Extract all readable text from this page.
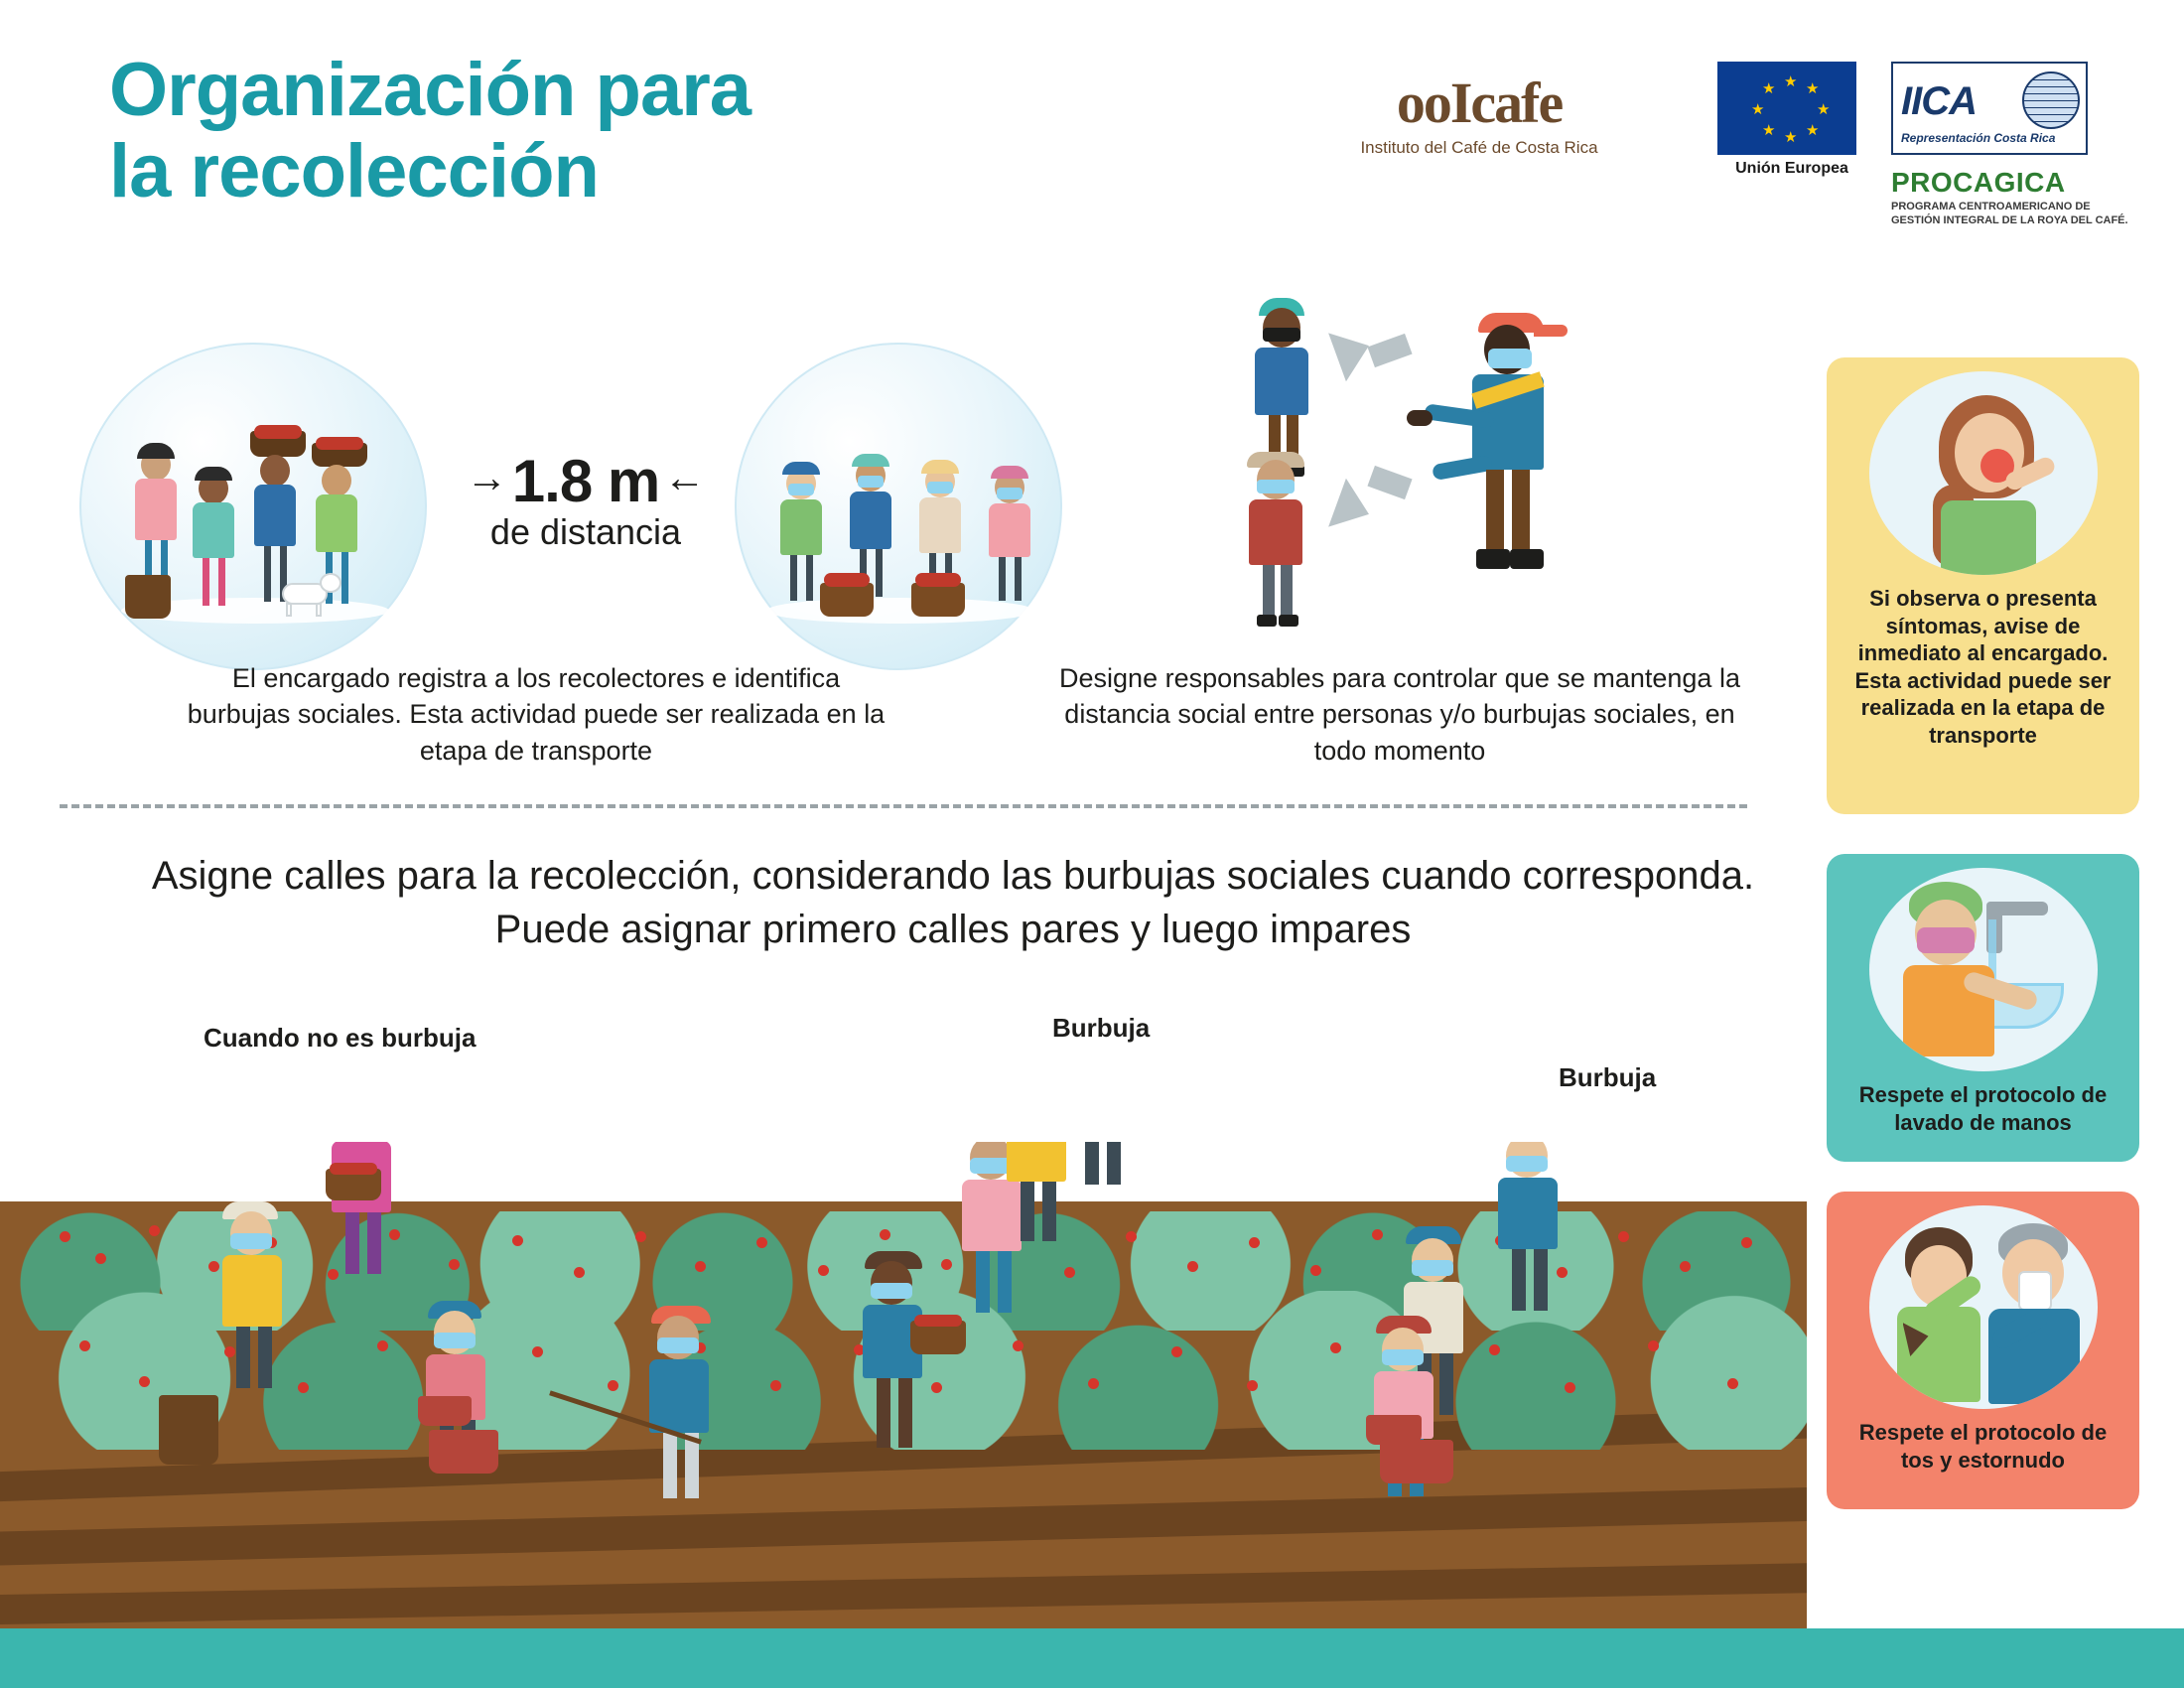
Organización para
la recolección
ooIcafe
Instituto del Café de Costa Rica
★ ★
★
★
★
★
★
★
Unión Europea
IICA
Representación Costa Rica
PROCAGICA
PROGRAMA CENTROAMERICANO DE GESTIÓN INTEGRAL DE LA ROYA DEL CAFÉ.
→ 1.8 m ←
de distancia
El encargado registra a los recolectores e identifica burbujas sociales. Esta actividad puede ser realizada en la etapa de transporte
Designe responsables para controlar que se mantenga la distancia social entre personas y/o burbujas sociales, en todo momento
Asigne calles para la recolección, considerando las burbujas sociales cuando corresponda. Puede asignar primero calles pares y luego impares
Cuando no es burbuja	Burbuja
Burbuja
Si observa o presenta síntomas, avise de inmediato al encargado. Esta actividad puede ser realizada en la etapa de transporte
Respete el protocolo de lavado de manos
Respete el protocolo de tos y estornudo
